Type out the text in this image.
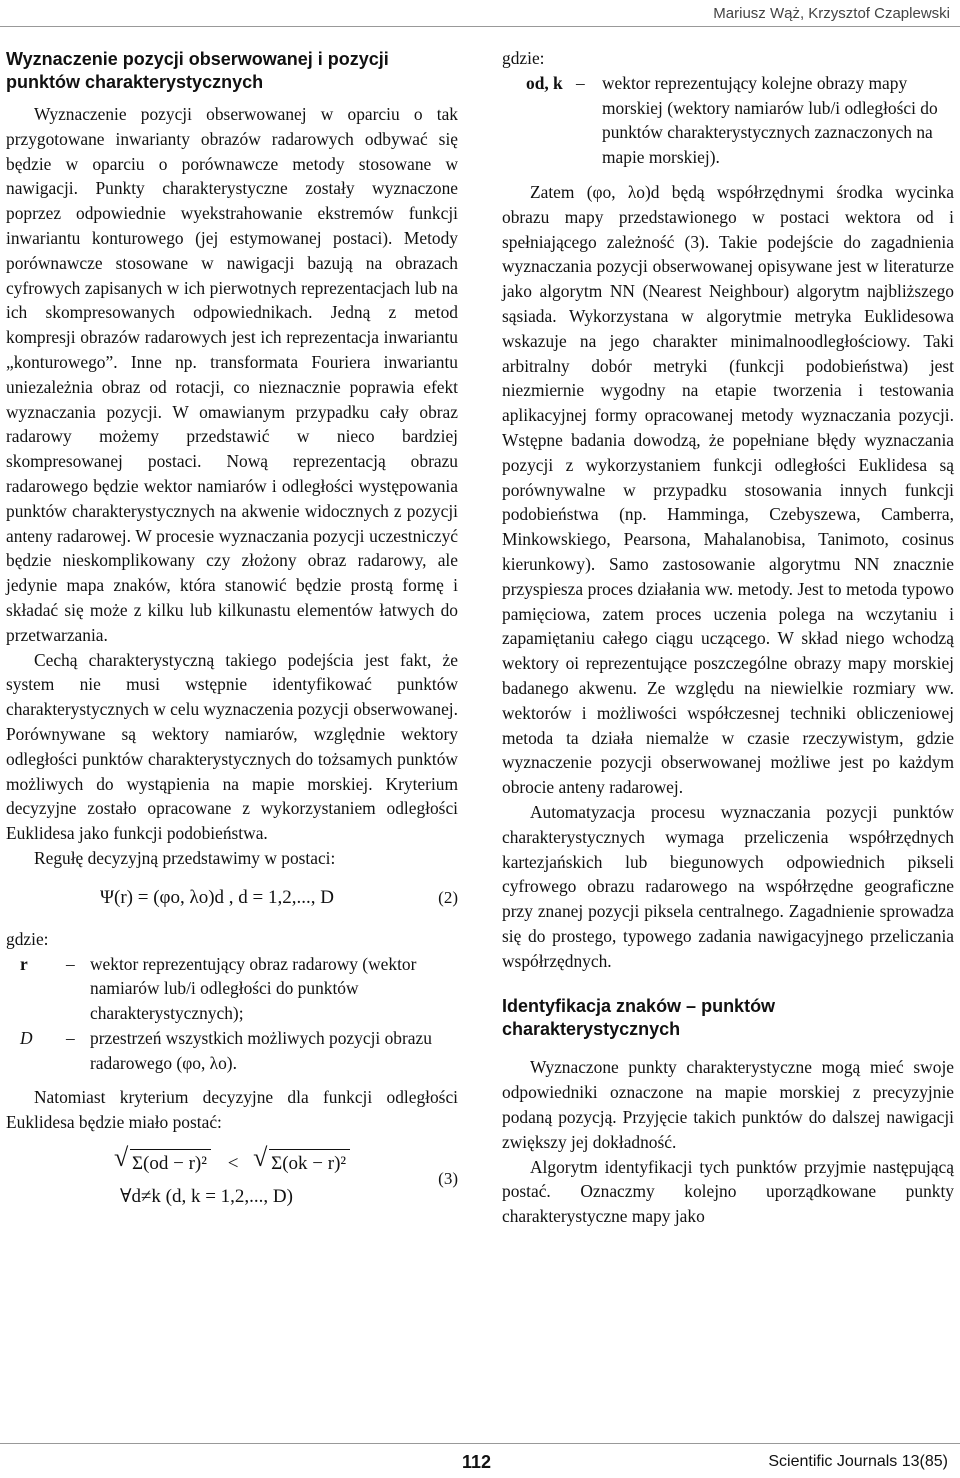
Mariusz Wąż, Krzysztof Czaplewski
Wyznaczenie pozycji obserwowanej i pozycji punktów charakterystycznych

Wyznaczenie pozycji obserwowanej w oparciu o tak przygotowane inwarianty obrazów radarowych odbywać się będzie w oparciu o porównawcze metody stosowane w nawigacji. Punkty charakterystyczne zostały wyznaczone poprzez odpowiednie wyekstrahowanie ekstremów funkcji inwariantu konturowego (jej estymowanej postaci). Metody porównawcze stosowane w nawigacji bazują na obrazach cyfrowych zapisanych w ich pierwotnych reprezentacjach lub na ich skompresowanych odpowiednikach. Jedną z metod kompresji obrazów radarowych jest ich reprezentacja inwariantu „konturowego”. Inne np. transformata Fouriera inwariantu uniezależnia obraz od rotacji, co nieznacznie poprawia efekt wyznaczania pozycji. W omawianym przypadku cały obraz radarowy możemy przedstawić w nieco bardziej skompresowanej postaci. Nową reprezentacją obrazu radarowego będzie wektor namiarów i odległości występowania punktów charakterystycznych na akwenie widocznych z pozycji anteny radarowej. W procesie wyznaczania pozycji uczestniczyć będzie nieskomplikowany czy złożony obraz radarowy, ale jedynie mapa znaków, która stanowić będzie prostą formę i składać się może z kilku lub kilkunastu elementów łatwych do przetwarzania.

Cechą charakterystyczną takiego podejścia jest fakt, że system nie musi wstępnie identyfikować punktów charakterystycznych w celu wyznaczenia pozycji obserwowanej. Porównywane są wektory namiarów, względnie wektory odległości punktów charakterystycznych do tożsamych punktów możliwych do wystąpienia na mapie morskiej. Kryterium decyzyjne zostało opracowane z wykorzystaniem odległości Euklidesa jako funkcji podobieństwa.

Regułę decyzyjną przedstawimy w postaci:

Ψ(r) = (φo, λo)d , d = 1,2,..., D	(2)

gdzie:

r	– wektor reprezentujący obraz radarowy (wektor namiarów lub/i odległości do punktów charakterystycznych);
D	– przestrzeń wszystkich możliwych pozycji obrazu radarowego (φo, λo).

Natomiast kryterium decyzyjne dla funkcji odległości Euklidesa będzie miało postać:

√ Σ(od − r)² < √ Σ(ok − r)²
∀d≠k (d, k = 1,2,..., D)
(3)

gdzie:

od, k – wektor reprezentujący kolejne obrazy mapy morskiej (wektory namiarów lub/i odległości do punktów charakterystycznych zaznaczonych na mapie morskiej).

Zatem (φo, λo)d będą współrzędnymi środka wycinka obrazu mapy przedstawionego w postaci wektora od i spełniającego zależność (3). Takie podejście do zagadnienia wyznaczania pozycji obserwowanej opisywane jest w literaturze jako algorytm NN (Nearest Neighbour) algorytm najbliższego sąsiada. Wykorzystana w algorytmie metryka Euklidesowa wskazuje na jego charakter minimalnoodległościowy. Taki arbitralny dobór metryki (funkcji podobieństwa) jest niezmiernie wygodny na etapie tworzenia i testowania aplikacyjnej formy opracowanej metody wyznaczania pozycji. Wstępne badania dowodzą, że popełniane błędy wyznaczania pozycji z wykorzystaniem funkcji odległości Euklidesa są porównywalne w przypadku stosowania innych funkcji podobieństwa (np. Hamminga, Czebyszewa, Camberra, Minkowskiego, Pearsona, Mahalanobisa, Tanimoto, cosinus kierunkowy). Samo zastosowanie algorytmu NN znacznie przyspiesza proces działania ww. metody. Jest to metoda typowo pamięciowa, zatem proces uczenia polega na wczytaniu i zapamiętaniu całego ciągu uczącego. W skład niego wchodzą wektory oi reprezentujące poszczególne obrazy mapy morskiej badanego akwenu. Ze względu na niewielkie rozmiary ww. wektorów i możliwości współczesnej techniki obliczeniowej metoda ta działa niemalże w czasie rzeczywistym, gdzie wyznaczenie pozycji obserwowanej możliwe jest po każdym obrocie anteny radarowej.

Automatyzacja procesu wyznaczania pozycji punktów charakterystycznych wymaga przeliczenia współrzędnych kartezjańskich lub biegunowych odpowiednich pikseli cyfrowego obrazu radarowego na współrzędne geograficzne przy znanej pozycji piksela centralnego. Zagadnienie sprowadza się do prostego, typowego zadania nawigacyjnego przeliczania współrzędnych.

Identyfikacja znaków – punktów charakterystycznych

Wyznaczone punkty charakterystyczne mogą mieć swoje odpowiedniki oznaczone na mapie morskiej z precyzyjnie podaną pozycją. Przyjęcie takich punktów do dalszej nawigacji zwiększy jej dokładność.

Algorytm identyfikacji tych punktów przyjmie następującą postać. Oznaczmy kolejno uporządkowane punkty charakterystyczne mapy jako

112	Scientific Journals 13(85)
